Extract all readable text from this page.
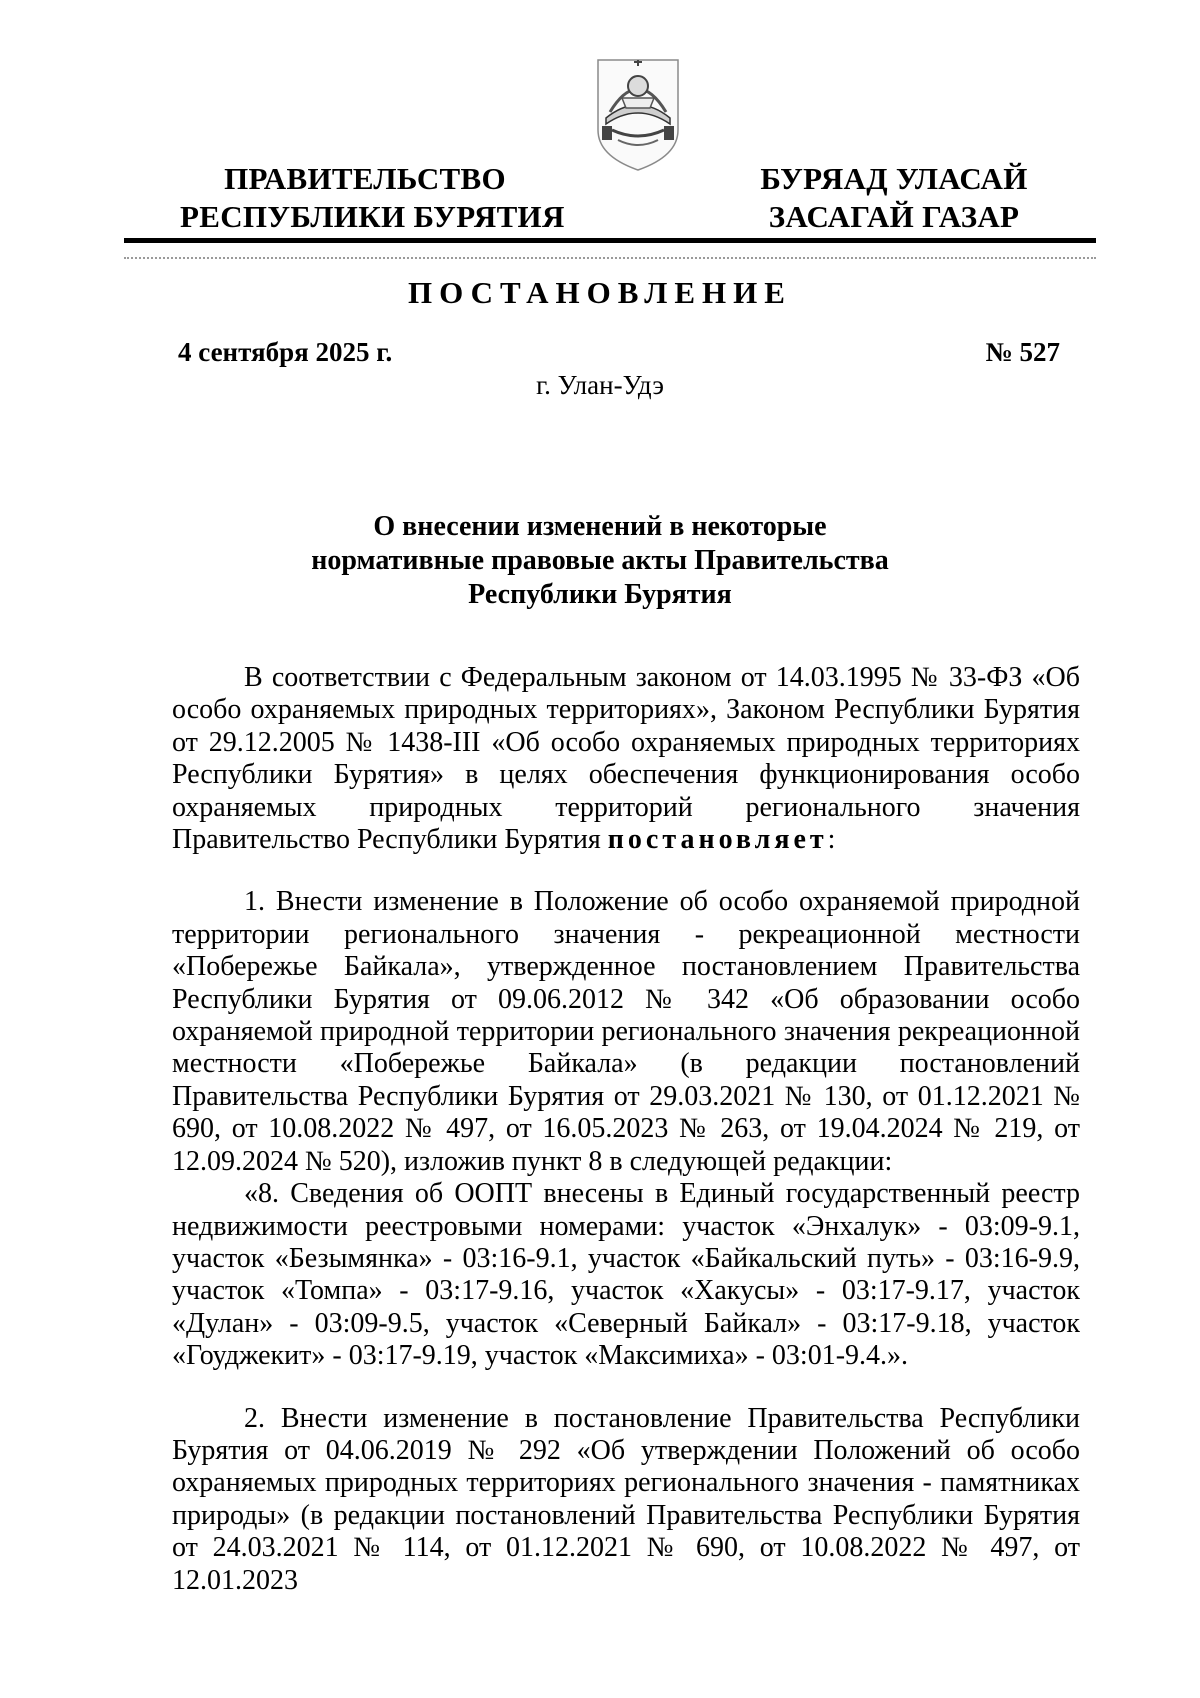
ПРАВИТЕЛЬСТВО
РЕСПУБЛИКИ БУРЯТИЯ
БУРЯАД УЛАСАЙ
ЗАСАГАЙ ГАЗАР
ПОСТАНОВЛЕНИЕ
4 сентября 2025 г.	№ 527
г. Улан-Удэ
О внесении изменений в некоторые
нормативные правовые акты Правительства
Республики Бурятия

В соответствии с Федеральным законом от 14.03.1995 № 33-ФЗ «Об особо охраняемых природных территориях», Законом Республики Бурятия от 29.12.2005 № 1438-III «Об особо охраняемых природных территориях Республики Бурятия» в целях обеспечения функционирования особо охраняемых природных территорий регионального значения Правительство Республики Бурятия постановляет:

1. Внести изменение в Положение об особо охраняемой природной территории регионального значения - рекреационной местности «Побережье Байкала», утвержденное постановлением Правительства Республики Бурятия от 09.06.2012 № 342 «Об образовании особо охраняемой природной территории регионального значения рекреационной местности «Побережье Байкала» (в редакции постановлений Правительства Республики Бурятия от 29.03.2021 № 130, от 01.12.2021 № 690, от 10.08.2022 № 497, от 16.05.2023 № 263, от 19.04.2024 № 219, от 12.09.2024 № 520), изложив пункт 8 в следующей редакции:

«8. Сведения об ООПТ внесены в Единый государственный реестр недвижимости реестровыми номерами: участок «Энхалук» - 03:09-9.1, участок «Безымянка» - 03:16-9.1, участок «Байкальский путь» - 03:16-9.9, участок «Томпа» - 03:17-9.16, участок «Хакусы» - 03:17-9.17, участок «Дулан» - 03:09-9.5, участок «Северный Байкал» - 03:17-9.18, участок «Гоуджекит» - 03:17-9.19, участок «Максимиха» - 03:01-9.4.».

2. Внести изменение в постановление Правительства Республики Бурятия от 04.06.2019 № 292 «Об утверждении Положений об особо охраняемых природных территориях регионального значения - памятниках природы» (в редакции постановлений Правительства Республики Бурятия от 24.03.2021 № 114, от 01.12.2021 № 690, от 10.08.2022 № 497, от 12.01.2023
